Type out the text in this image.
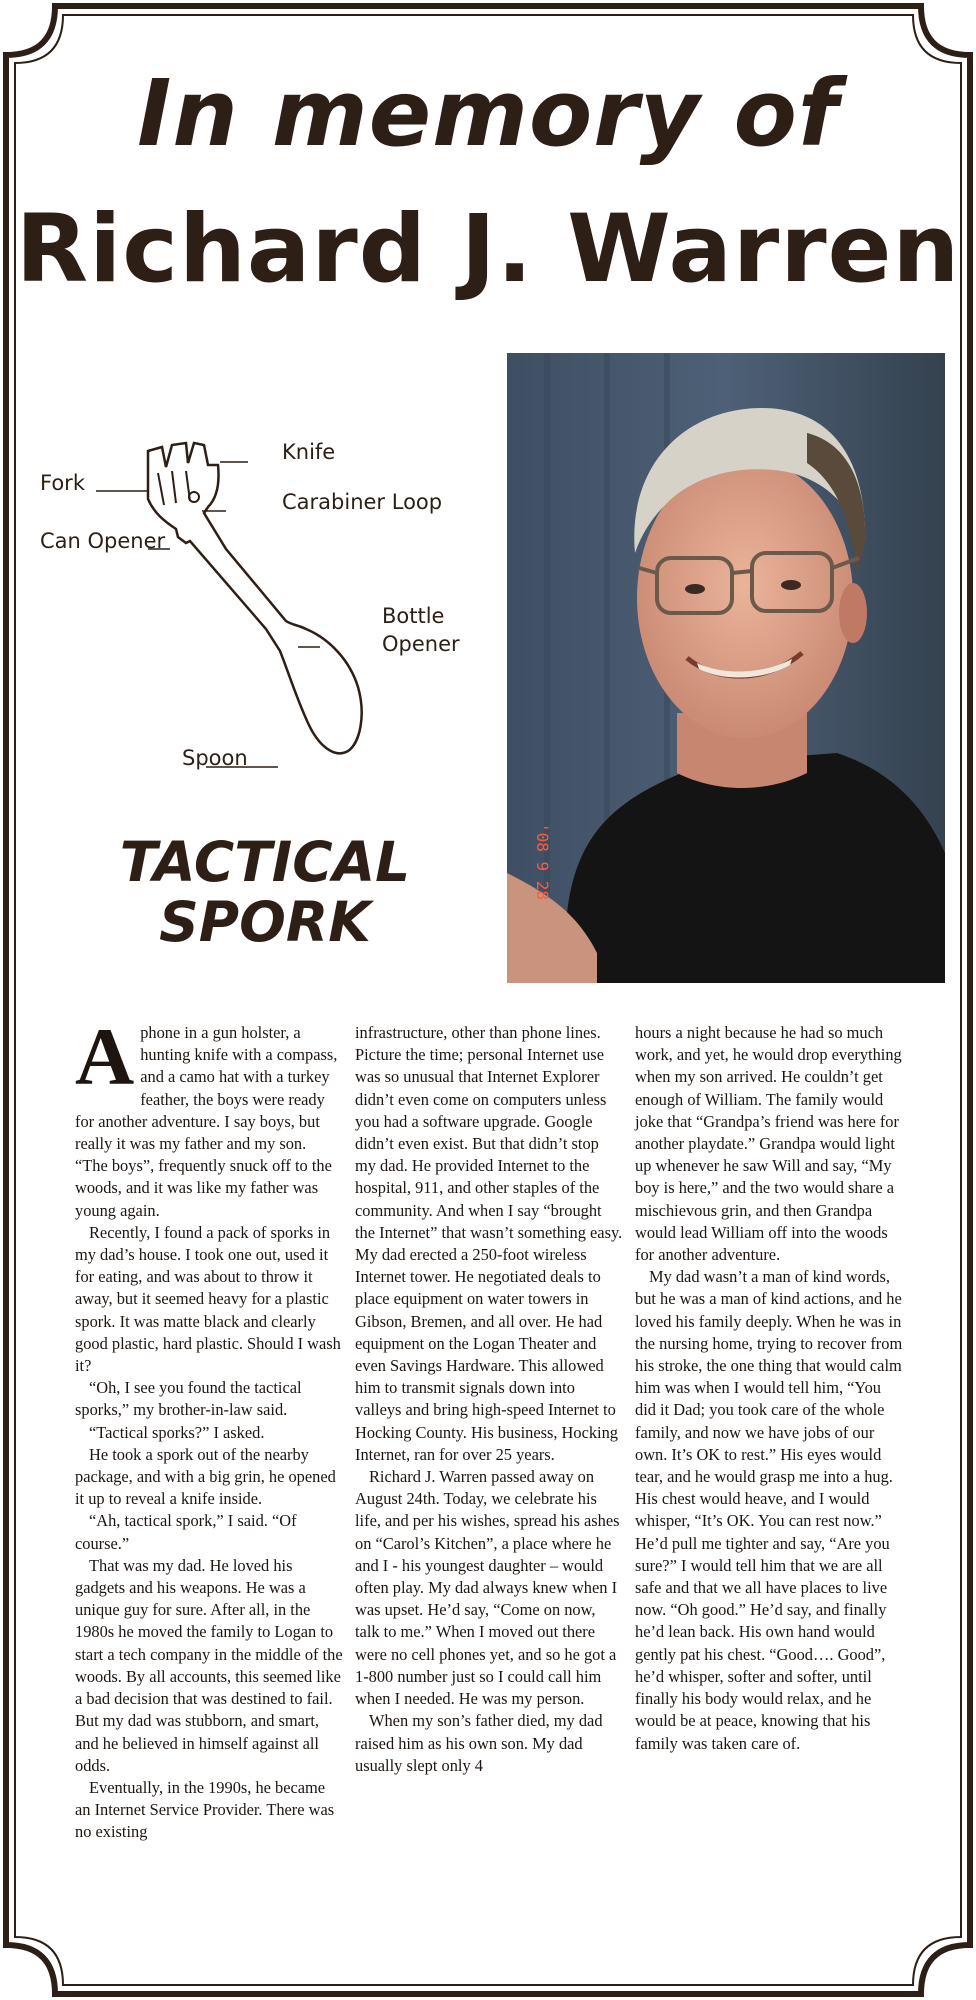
In memory of
Richard J. Warren
Knife
Fork
Carabiner Loop
Can Opener
Bottle
Opener
Spoon
TACTICAL
SPORK
'08 9 28

Aphone in a gun holster, a hunting knife with a compass, and a camo hat with a turkey feather, the boys were ready for another adventure. I say boys, but really it was my father and my son. “The boys”, frequently snuck off to the woods, and it was like my father was young again.

Recently, I found a pack of sporks in my dad’s house. I took one out, used it for eating, and was about to throw it away, but it seemed heavy for a plastic spork. It was matte black and clearly good plastic, hard plastic. Should I wash it?

“Oh, I see you found the tactical sporks,” my brother-in-law said.

“Tactical sporks?” I asked.

He took a spork out of the nearby package, and with a big grin, he opened it up to reveal a knife inside.

“Ah, tactical spork,” I said. “Of course.”

That was my dad. He loved his gadgets and his weapons. He was a unique guy for sure. After all, in the 1980s he moved the family to Logan to start a tech company in the middle of the woods. By all accounts, this seemed like a bad decision that was destined to fail. But my dad was stubborn, and smart, and he believed in himself against all odds.

Eventually, in the 1990s, he became an Internet Service Provider. There was no existing

infrastructure, other than phone lines. Picture the time; personal Internet use was so unusual that Internet Explorer didn’t even come on computers unless you had a software upgrade. Google didn’t even exist. But that didn’t stop my dad. He provided Internet to the hospital, 911, and other staples of the community. And when I say “brought the Internet” that wasn’t something easy. My dad erected a 250-foot wireless Internet tower. He negotiated deals to place equipment on water towers in Gibson, Bremen, and all over. He had equipment on the Logan Theater and even Savings Hardware. This allowed him to transmit signals down into valleys and bring high-speed Internet to Hocking County. His business, Hocking Internet, ran for over 25 years.

Richard J. Warren passed away on August 24th. Today, we celebrate his life, and per his wishes, spread his ashes on “Carol’s Kitchen”, a place where he and I - his youngest daughter – would often play. My dad always knew when I was upset. He’d say, “Come on now, talk to me.” When I moved out there were no cell phones yet, and so he got a 1-800 number just so I could call him when I needed. He was my person.

When my son’s father died, my dad raised him as his own son. My dad usually slept only 4

hours a night because he had so much work, and yet, he would drop everything when my son arrived. He couldn’t get enough of William. The family would joke that “Grandpa’s friend was here for another playdate.” Grandpa would light up whenever he saw Will and say, “My boy is here,” and the two would share a mischievous grin, and then Grandpa would lead William off into the woods for another adventure.

My dad wasn’t a man of kind words, but he was a man of kind actions, and he loved his family deeply. When he was in the nursing home, trying to recover from his stroke, the one thing that would calm him was when I would tell him, “You did it Dad; you took care of the whole family, and now we have jobs of our own. It’s OK to rest.” His eyes would tear, and he would grasp me into a hug. His chest would heave, and I would whisper, “It’s OK. You can rest now.” He’d pull me tighter and say, “Are you sure?” I would tell him that we are all safe and that we all have places to live now. “Oh good.” He’d say, and finally he’d lean back. His own hand would gently pat his chest. “Good…. Good”, he’d whisper, softer and softer, until finally his body would relax, and he would be at peace, knowing that his family was taken care of.
